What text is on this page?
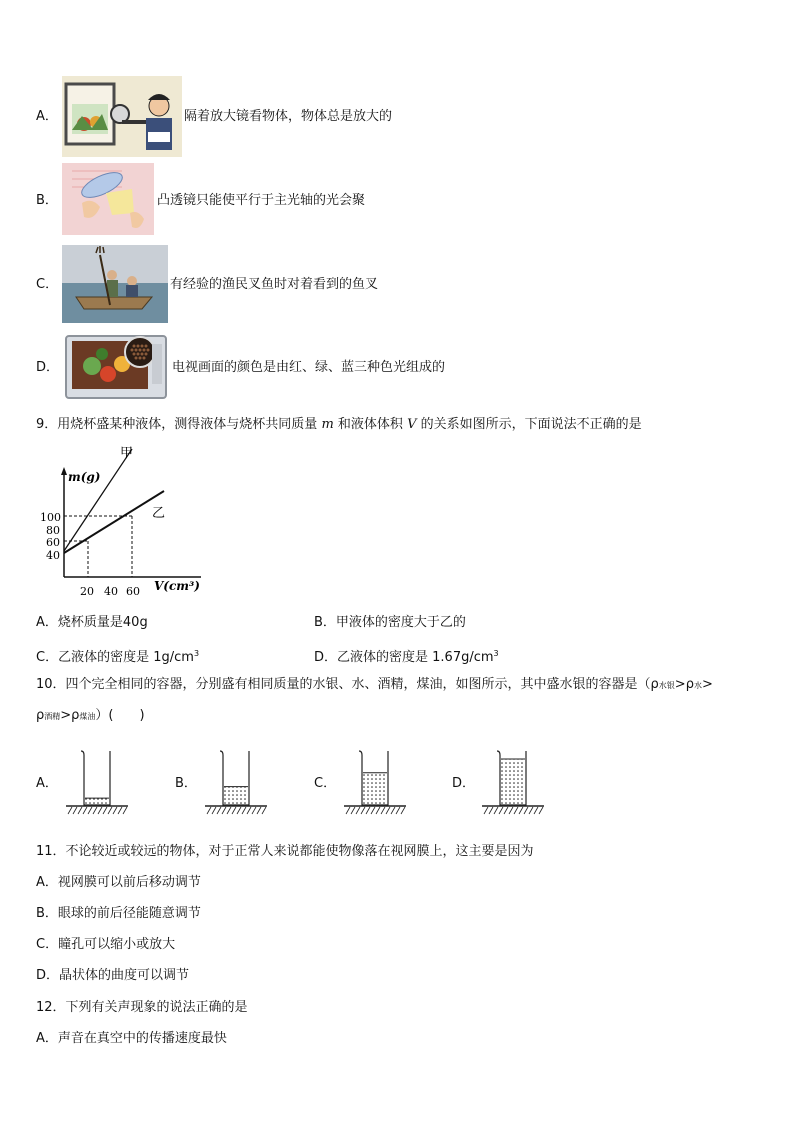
A．	隔着放大镜看物体，物体总是放大的
B．	凸透镜只能使平行于主光轴的光会聚
C．	有经验的渔民叉鱼时对着看到的鱼叉
D．	电视画面的颜色是由红、绿、蓝三种色光组成的
9．用烧杯盛某种液体，测得液体与烧杯共同质量 m 和液体体积 V 的关系如图所示，下面说法不正确的是
m(g)
V(cm³)
100
80
60
40
20 40 60
甲
乙
A．烧杯质量是40g	B．甲液体的密度大于乙的
C．乙液体的密度是 $1g/cm^3$	D．乙液体的密度是 $1.67g/cm^3$
10．四个完全相同的容器，分别盛有相同质量的水银、水、酒精，煤油，如图所示，其中盛水银的容器是（ρ水银>ρ水>
ρ酒精>ρ煤油）(　　)
A．	B．	C．	D．
11．不论较近或较远的物体，对于正常人来说都能使物像落在视网膜上，这主要是因为
A．视网膜可以前后移动调节
B．眼球的前后径能随意调节
C．瞳孔可以缩小或放大
D．晶状体的曲度可以调节
12．下列有关声现象的说法正确的是
A．声音在真空中的传播速度最快
